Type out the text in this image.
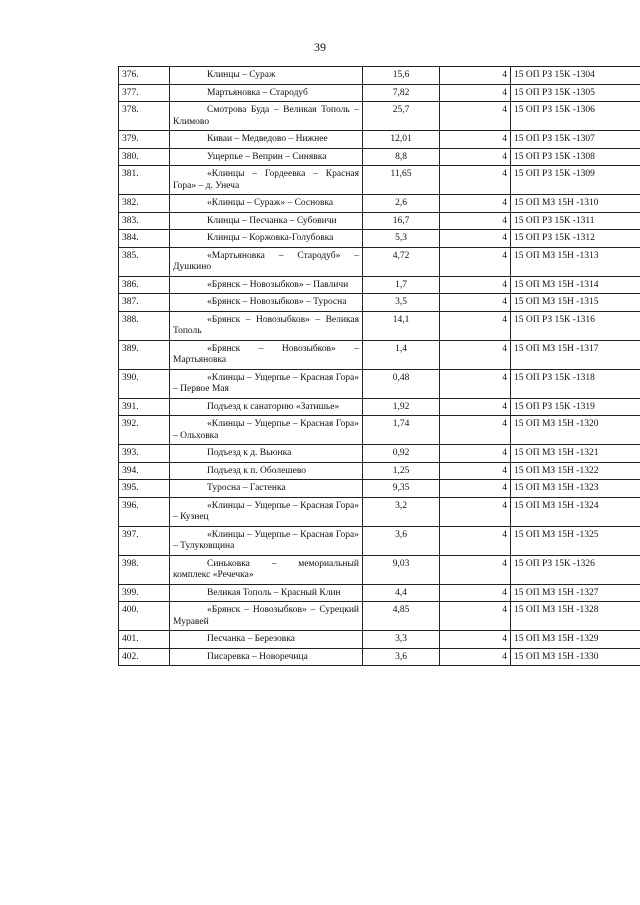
39
376.	Клинцы – Сураж	15,6	4	15 ОП РЗ 15К -1304
377.	Мартьяновка – Стародуб	7,82	4	15 ОП РЗ 15К -1305
378.	Смотрова Буда – Великая Тополь – Климово	25,7	4	15 ОП РЗ 15К -1306
379.	Киваи – Медведово – Нижнее	12,01	4	15 ОП РЗ 15К -1307
380.	Ущерпье – Веприн – Синявка	8,8	4	15 ОП РЗ 15К -1308
381.	«Клинцы – Гордеевка – Красная Гора» – д. Унеча	11,65	4	15 ОП РЗ 15К -1309
382.	«Клинцы – Сураж» – Сосновка	2,6	4	15 ОП МЗ 15Н -1310
383.	Клинцы – Песчанка – Субовичи	16,7	4	15 ОП РЗ 15К -1311
384.	Клинцы – Коржовка-Голубовка	5,3	4	15 ОП РЗ 15К -1312
385.	«Мартьяновка – Стародуб» – Душкино	4,72	4	15 ОП МЗ 15Н -1313
386.	«Брянск – Новозыбков» – Павличи	1,7	4	15 ОП МЗ 15Н -1314
387.	«Брянск – Новозыбков» – Туросна	3,5	4	15 ОП МЗ 15Н -1315
388.	«Брянск – Новозыбков» – Великая Тополь	14,1	4	15 ОП РЗ 15К -1316
389.	«Брянск – Новозыбков» – Мартьяновка	1,4	4	15 ОП МЗ 15Н -1317
390.	«Клинцы – Ущерпье – Красная Гора» – Первое Мая	0,48	4	15 ОП РЗ 15К -1318
391.	Подъезд к санаторию «Затишье»	1,92	4	15 ОП РЗ 15К -1319
392.	«Клинцы – Ущерпье – Красная Гора» – Ольховка	1,74	4	15 ОП МЗ 15Н -1320
393.	Подъезд к д. Вьюнка	0,92	4	15 ОП МЗ 15Н -1321
394.	Подъезд к п. Оболешево	1,25	4	15 ОП МЗ 15Н -1322
395.	Туросна – Гастенка	9,35	4	15 ОП МЗ 15Н -1323
396.	«Клинцы – Ущерпье – Красная Гора» – Кузнец	3,2	4	15 ОП МЗ 15Н -1324
397.	«Клинцы – Ущерпье – Красная Гора» – Тулуковщина	3,6	4	15 ОП МЗ 15Н -1325
398.	Синьковка – мемориальный комплекс «Речечка»	9,03	4	15 ОП РЗ 15К -1326
399.	Великая Тополь – Красный Клин	4,4	4	15 ОП МЗ 15Н -1327
400.	«Брянск – Новозыбков» – Сурецкий Муравей	4,85	4	15 ОП МЗ 15Н -1328
401.	Песчанка – Березовка	3,3	4	15 ОП МЗ 15Н -1329
402.	Писаревка – Новоречица	3,6	4	15 ОП МЗ 15Н -1330
